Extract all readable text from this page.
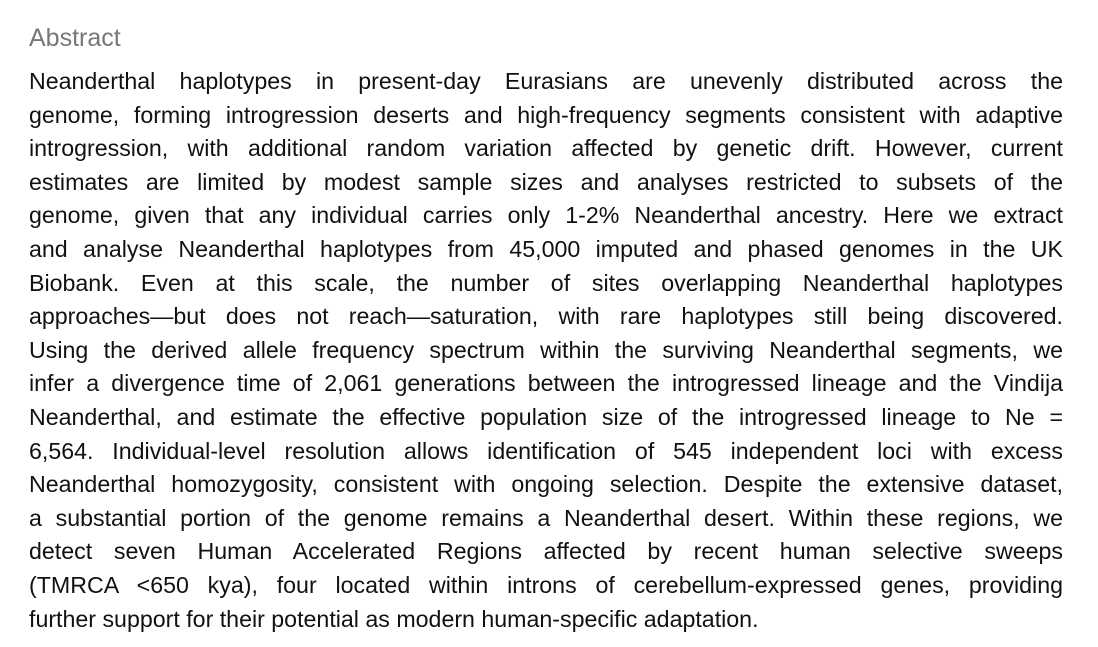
Abstract
Neanderthal haplotypes in present-day Eurasians are unevenly distributed across the
genome, forming introgression deserts and high-frequency segments consistent with adaptive
introgression, with additional random variation affected by genetic drift. However, current
estimates are limited by modest sample sizes and analyses restricted to subsets of the
genome, given that any individual carries only 1-2% Neanderthal ancestry. Here we extract
and analyse Neanderthal haplotypes from 45,000 imputed and phased genomes in the UK
Biobank. Even at this scale, the number of sites overlapping Neanderthal haplotypes
approaches—but does not reach—saturation, with rare haplotypes still being discovered.
Using the derived allele frequency spectrum within the surviving Neanderthal segments, we
infer a divergence time of 2,061 generations between the introgressed lineage and the Vindija
Neanderthal, and estimate the effective population size of the introgressed lineage to Ne =
6,564. Individual-level resolution allows identification of 545 independent loci with excess
Neanderthal homozygosity, consistent with ongoing selection. Despite the extensive dataset,
a substantial portion of the genome remains a Neanderthal desert. Within these regions, we
detect seven Human Accelerated Regions affected by recent human selective sweeps
(TMRCA <650 kya), four located within introns of cerebellum-expressed genes, providing
further support for their potential as modern human-specific adaptation.
